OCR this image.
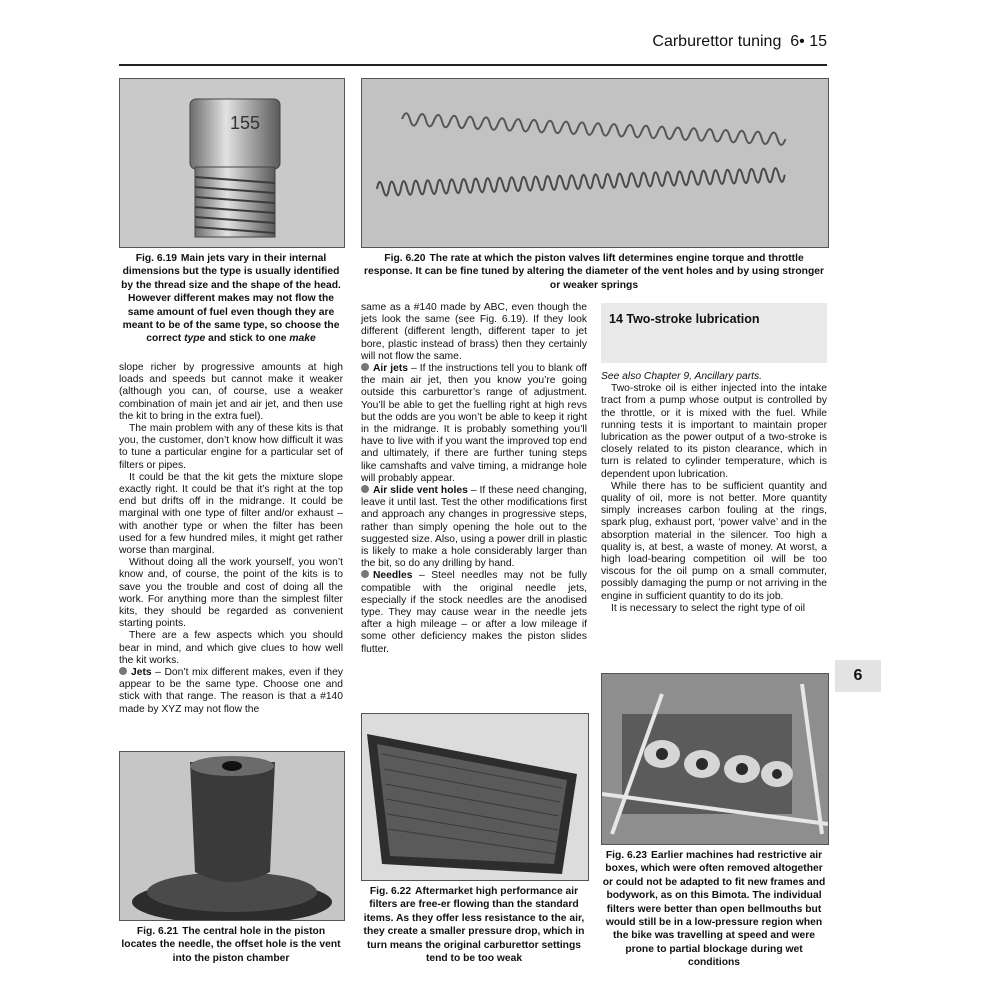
Carburettor tuning 6• 15
155
Fig. 6.19 Main jets vary in their internal dimensions but the type is usually identified by the thread size and the shape of the head. However different makes may not flow the same amount of fuel even though they are meant to be of the same type, so choose the correct type and stick to one make
Fig. 6.20 The rate at which the piston valves lift determines engine torque and throttle response. It can be fine tuned by altering the diameter of the vent holes and by using stronger or weaker springs

slope richer by progressive amounts at high loads and speeds but cannot make it weaker (although you can, of course, use a weaker combination of main jet and air jet, and then use the kit to bring in the extra fuel).

The main problem with any of these kits is that you, the customer, don’t know how difficult it was to tune a particular engine for a particular set of filters or pipes.

It could be that the kit gets the mixture slope exactly right. It could be that it’s right at the top end but drifts off in the midrange. It could be marginal with one type of filter and/or exhaust – with another type or when the filter has been used for a few hundred miles, it might get rather worse than marginal.

Without doing all the work yourself, you won’t know and, of course, the point of the kits is to save you the trouble and cost of doing all the work. For anything more than the simplest filter kits, they should be regarded as convenient starting points.

There are a few aspects which you should bear in mind, and which give clues to how well the kit works.

Jets – Don’t mix different makes, even if they appear to be the same type. Choose one and stick with that range. The reason is that a #140 made by XYZ may not flow the

Fig. 6.21 The central hole in the piston locates the needle, the offset hole is the vent into the piston chamber

same as a #140 made by ABC, even though the jets look the same (see Fig. 6.19). If they look different (different length, different taper to jet bore, plastic instead of brass) then they certainly will not flow the same.

Air jets – If the instructions tell you to blank off the main air jet, then you know you’re going outside this carburettor’s range of adjustment. You’ll be able to get the fuelling right at high revs but the odds are you won’t be able to keep it right in the midrange. It is probably something you’ll have to live with if you want the improved top end and ultimately, if there are further tuning steps like camshafts and valve timing, a midrange hole will probably appear.

Air slide vent holes – If these need changing, leave it until last. Test the other modifications first and approach any changes in progressive steps, rather than simply opening the hole out to the suggested size. Also, using a power drill in plastic is likely to make a hole considerably larger than the bit, so do any drilling by hand.

Needles – Steel needles may not be fully compatible with the original needle jets, especially if the stock needles are the anodised type. They may cause wear in the needle jets after a high mileage – or after a low mileage if some other deficiency makes the piston slides flutter.

Fig. 6.22 Aftermarket high performance air filters are free-er flowing than the standard items. As they offer less resistance to the air, they create a smaller pressure drop, which in turn means the original carburettor settings tend to be too weak
14 Two-stroke lubrication

See also Chapter 9, Ancillary parts.

Two-stroke oil is either injected into the intake tract from a pump whose output is controlled by the throttle, or it is mixed with the fuel. While running tests it is important to maintain proper lubrication as the power output of a two-stroke is closely related to its piston clearance, which in turn is related to cylinder temperature, which is dependent upon lubrication.

While there has to be sufficient quantity and quality of oil, more is not better. More quantity simply increases carbon fouling at the rings, spark plug, exhaust port, ‘power valve’ and in the absorption material in the silencer. Too high a quality is, at best, a waste of money. At worst, a high load-bearing competition oil will be too viscous for the oil pump on a small commuter, possibly damaging the pump or not arriving in the engine in sufficient quantity to do its job.

It is necessary to select the right type of oil

6
Fig. 6.23 Earlier machines had restrictive air boxes, which were often removed altogether or could not be adapted to fit new frames and bodywork, as on this Bimota. The individual filters were better than open bellmouths but would still be in a low-pressure region when the bike was travelling at speed and were prone to partial blockage during wet conditions
